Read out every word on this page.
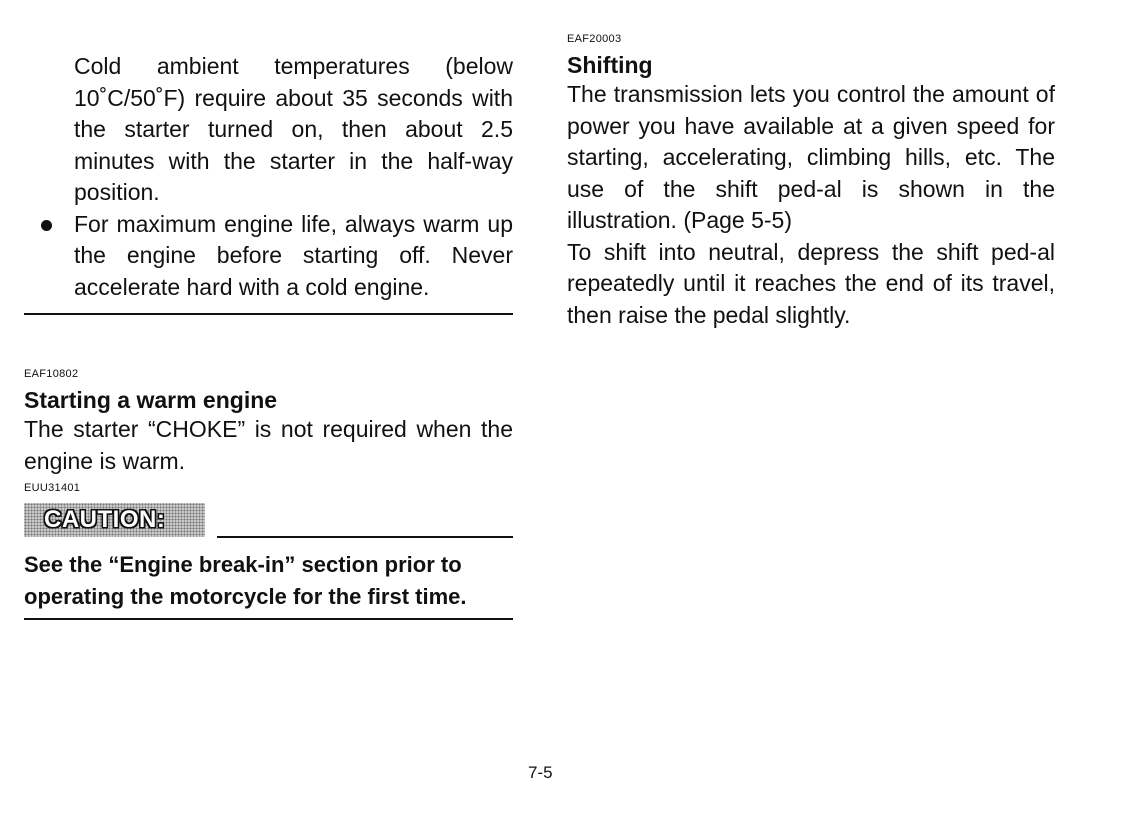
Cold ambient temperatures (below 10˚C/50˚F) require about 35 seconds with the starter turned on, then about 2.5 minutes with the starter in the half-way position.

For maximum engine life, always warm up the engine before starting off. Never accelerate hard with a cold engine.

EAF10802

Starting a warm engine

The starter “CHOKE” is not required when the engine is warm.

EUU31401

CAUTION:

See the “Engine break-in” section prior to operating the motorcycle for the first time.

EAF20003

Shifting

The transmission lets you control the amount of power you have available at a given speed for starting, accelerating, climbing hills, etc. The use of the shift ped-al is shown in the illustration. (Page 5-5)

To shift into neutral, depress the shift ped-al repeatedly until it reaches the end of its travel, then raise the pedal slightly.

7-5
